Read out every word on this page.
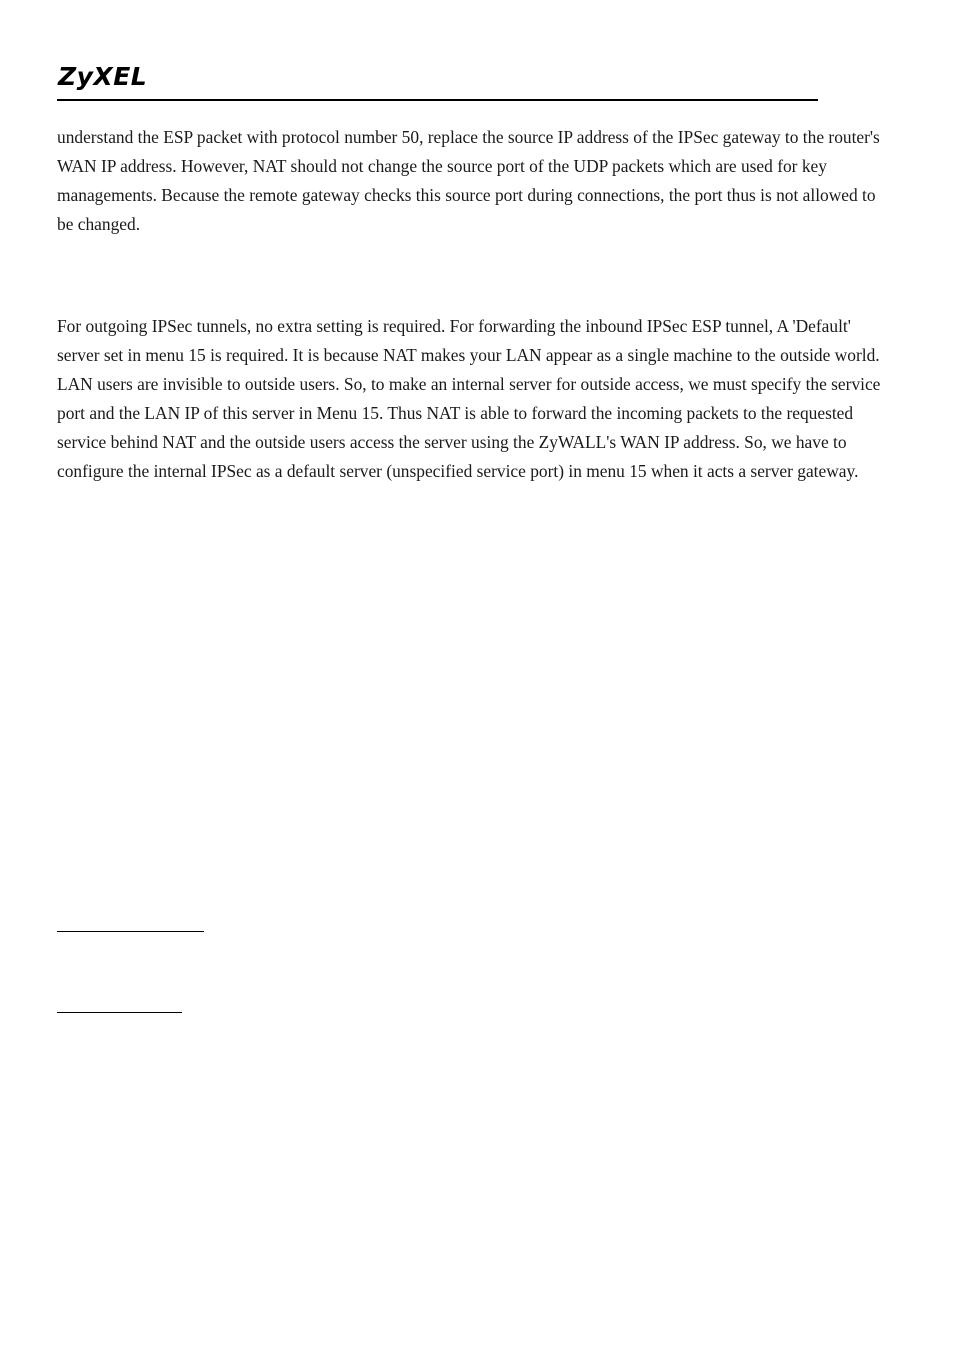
ZyXEL

understand the ESP packet with protocol number 50, replace the source IP address of the IPSec gateway to the router's WAN IP address. However, NAT should not change the source port of the UDP packets which are used for key managements. Because the remote gateway checks this source port during connections, the port thus is not allowed to be changed.

For outgoing IPSec tunnels, no extra setting is required. For forwarding the inbound IPSec ESP tunnel, A 'Default' server set in menu 15 is required. It is because NAT makes your LAN appear as a single machine to the outside world. LAN users are invisible to outside users. So, to make an internal server for outside access, we must specify the service port and the LAN IP of this server in Menu 15. Thus NAT is able to forward the incoming packets to the requested service behind NAT and the outside users access the server using the ZyWALL's WAN IP address. So, we have to configure the internal IPSec as a default server (unspecified service port) in menu 15 when it acts a server gateway.
